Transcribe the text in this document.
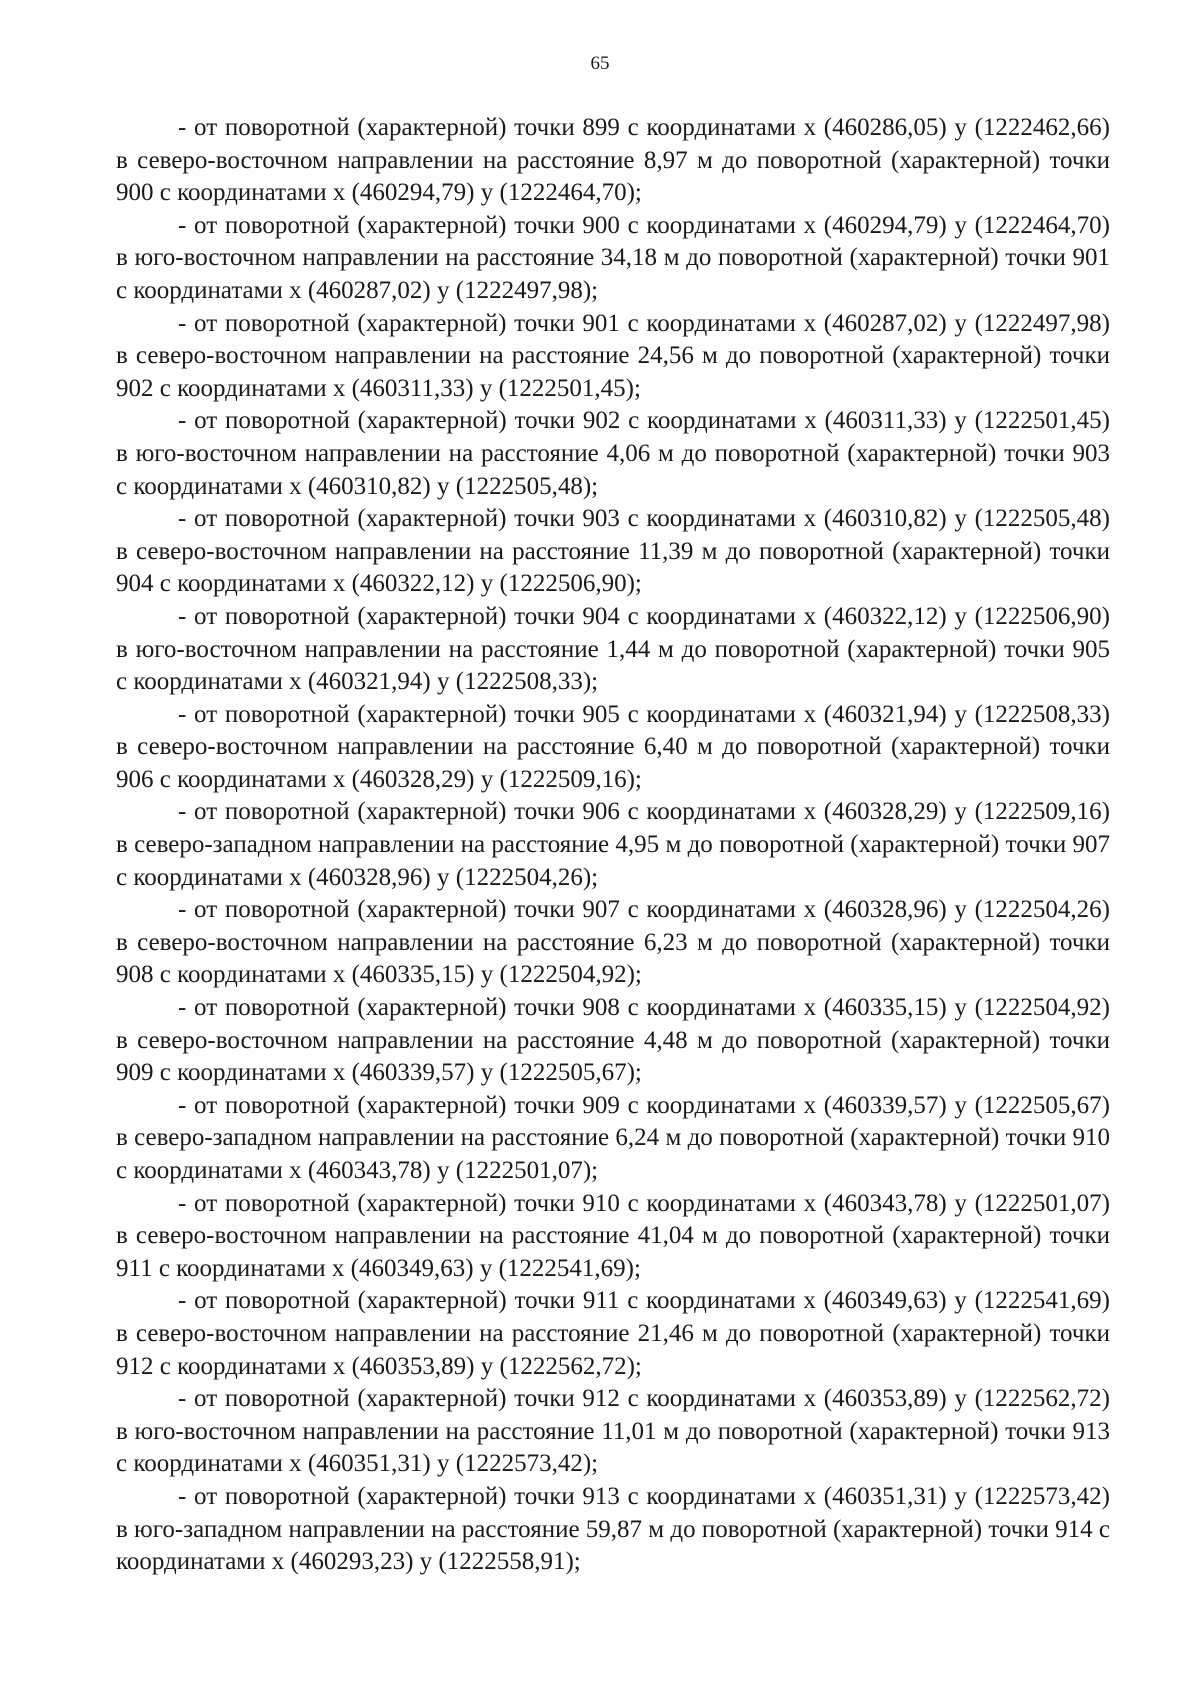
65

- от поворотной (характерной) точки 899 с координатами х (460286,05) у (1222462,66) в северо-восточном направлении на расстояние 8,97 м до поворотной (характерной) точки 900 с координатами х (460294,79) у (1222464,70);

- от поворотной (характерной) точки 900 с координатами х (460294,79) у (1222464,70) в юго-восточном направлении на расстояние 34,18 м до поворотной (характерной) точки 901 с координатами х (460287,02) у (1222497,98);

- от поворотной (характерной) точки 901 с координатами х (460287,02) у (1222497,98) в северо-восточном направлении на расстояние 24,56 м до поворотной (характерной) точки 902 с координатами х (460311,33) у (1222501,45);

- от поворотной (характерной) точки 902 с координатами х (460311,33) у (1222501,45) в юго-восточном направлении на расстояние 4,06 м до поворотной (характерной) точки 903 с координатами х (460310,82) у (1222505,48);

- от поворотной (характерной) точки 903 с координатами х (460310,82) у (1222505,48) в северо-восточном направлении на расстояние 11,39 м до поворотной (характерной) точки 904 с координатами х (460322,12) у (1222506,90);

- от поворотной (характерной) точки 904 с координатами х (460322,12) у (1222506,90) в юго-восточном направлении на расстояние 1,44 м до поворотной (характерной) точки 905 с координатами х (460321,94) у (1222508,33);

- от поворотной (характерной) точки 905 с координатами х (460321,94) у (1222508,33) в северо-восточном направлении на расстояние 6,40 м до поворотной (характерной) точки 906 с координатами х (460328,29) у (1222509,16);

- от поворотной (характерной) точки 906 с координатами х (460328,29) у (1222509,16) в северо-западном направлении на расстояние 4,95 м до поворотной (характерной) точки 907 с координатами х (460328,96) у (1222504,26);

- от поворотной (характерной) точки 907 с координатами х (460328,96) у (1222504,26) в северо-восточном направлении на расстояние 6,23 м до поворотной (характерной) точки 908 с координатами х (460335,15) у (1222504,92);

- от поворотной (характерной) точки 908 с координатами х (460335,15) у (1222504,92) в северо-восточном направлении на расстояние 4,48 м до поворотной (характерной) точки 909 с координатами х (460339,57) у (1222505,67);

- от поворотной (характерной) точки 909 с координатами х (460339,57) у (1222505,67) в северо-западном направлении на расстояние 6,24 м до поворотной (характерной) точки 910 с координатами х (460343,78) у (1222501,07);

- от поворотной (характерной) точки 910 с координатами х (460343,78) у (1222501,07) в северо-восточном направлении на расстояние 41,04 м до поворотной (характерной) точки 911 с координатами х (460349,63) у (1222541,69);

- от поворотной (характерной) точки 911 с координатами х (460349,63) у (1222541,69) в северо-восточном направлении на расстояние 21,46 м до поворотной (характерной) точки 912 с координатами х (460353,89) у (1222562,72);

- от поворотной (характерной) точки 912 с координатами х (460353,89) у (1222562,72) в юго-восточном направлении на расстояние 11,01 м до поворотной (характерной) точки 913 с координатами х (460351,31) у (1222573,42);

- от поворотной (характерной) точки 913 с координатами х (460351,31) у (1222573,42) в юго-западном направлении на расстояние 59,87 м до поворотной (характерной) точки 914 с координатами х (460293,23) у (1222558,91);
